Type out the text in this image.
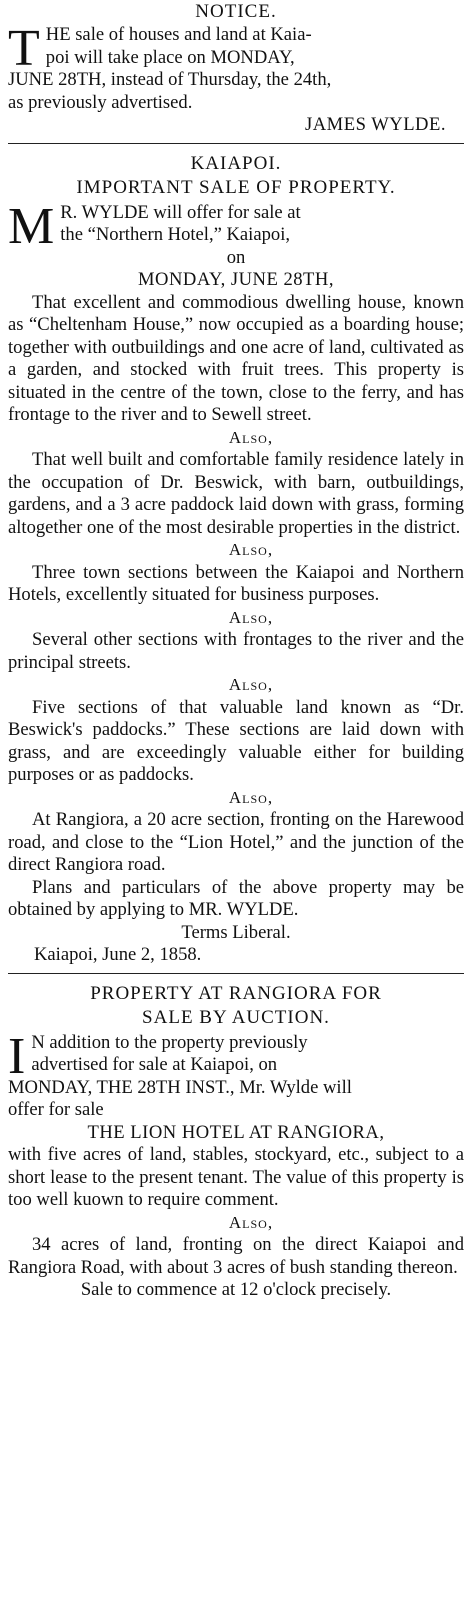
NOTICE.

T HE sale of houses and land at Kaia-

poi will take place on MONDAY,

JUNE 28TH, instead of Thursday, the 24th,

as previously advertised.

JAMES WYLDE.

KAIAPOI.

IMPORTANT SALE OF PROPERTY.

M R. WYLDE will offer for sale at

the “Northern Hotel,” Kaiapoi,

on

MONDAY, JUNE 28TH,

That excellent and commodious dwelling house, known as “Cheltenham House,” now occupied as a boarding house; together with outbuildings and one acre of land, cultivated as a garden, and stocked with fruit trees. This property is situated in the centre of the town, close to the ferry, and has frontage to the river and to Sewell street.

Also,

That well built and comfortable family residence lately in the occupation of Dr. Beswick, with barn, outbuildings, gardens, and a 3 acre paddock laid down with grass, forming altogether one of the most desirable properties in the district.

Also,

Three town sections between the Kaiapoi and Northern Hotels, excellently situated for business purposes.

Also,

Several other sections with frontages to the river and the principal streets.

Also,

Five sections of that valuable land known as “Dr. Beswick's paddocks.” These sections are laid down with grass, and are exceedingly valuable either for building purposes or as paddocks.

Also,

At Rangiora, a 20 acre section, fronting on the Harewood road, and close to the “Lion Hotel,” and the junction of the direct Rangiora road.

Plans and particulars of the above property may be obtained by applying to MR. WYLDE.

Terms Liberal.

Kaiapoi, June 2, 1858.

PROPERTY AT RANGIORA FOR

SALE BY AUCTION.

I N addition to the property previously

advertised for sale at Kaiapoi, on

MONDAY, THE 28TH INST., Mr. Wylde will

offer for sale

THE LION HOTEL AT RANGIORA,

with five acres of land, stables, stockyard, etc., subject to a short lease to the present tenant. The value of this property is too well kuown to require comment.

Also,

34 acres of land, fronting on the direct Kaiapoi and Rangiora Road, with about 3 acres of bush standing thereon.

Sale to commence at 12 o'clock precisely.
